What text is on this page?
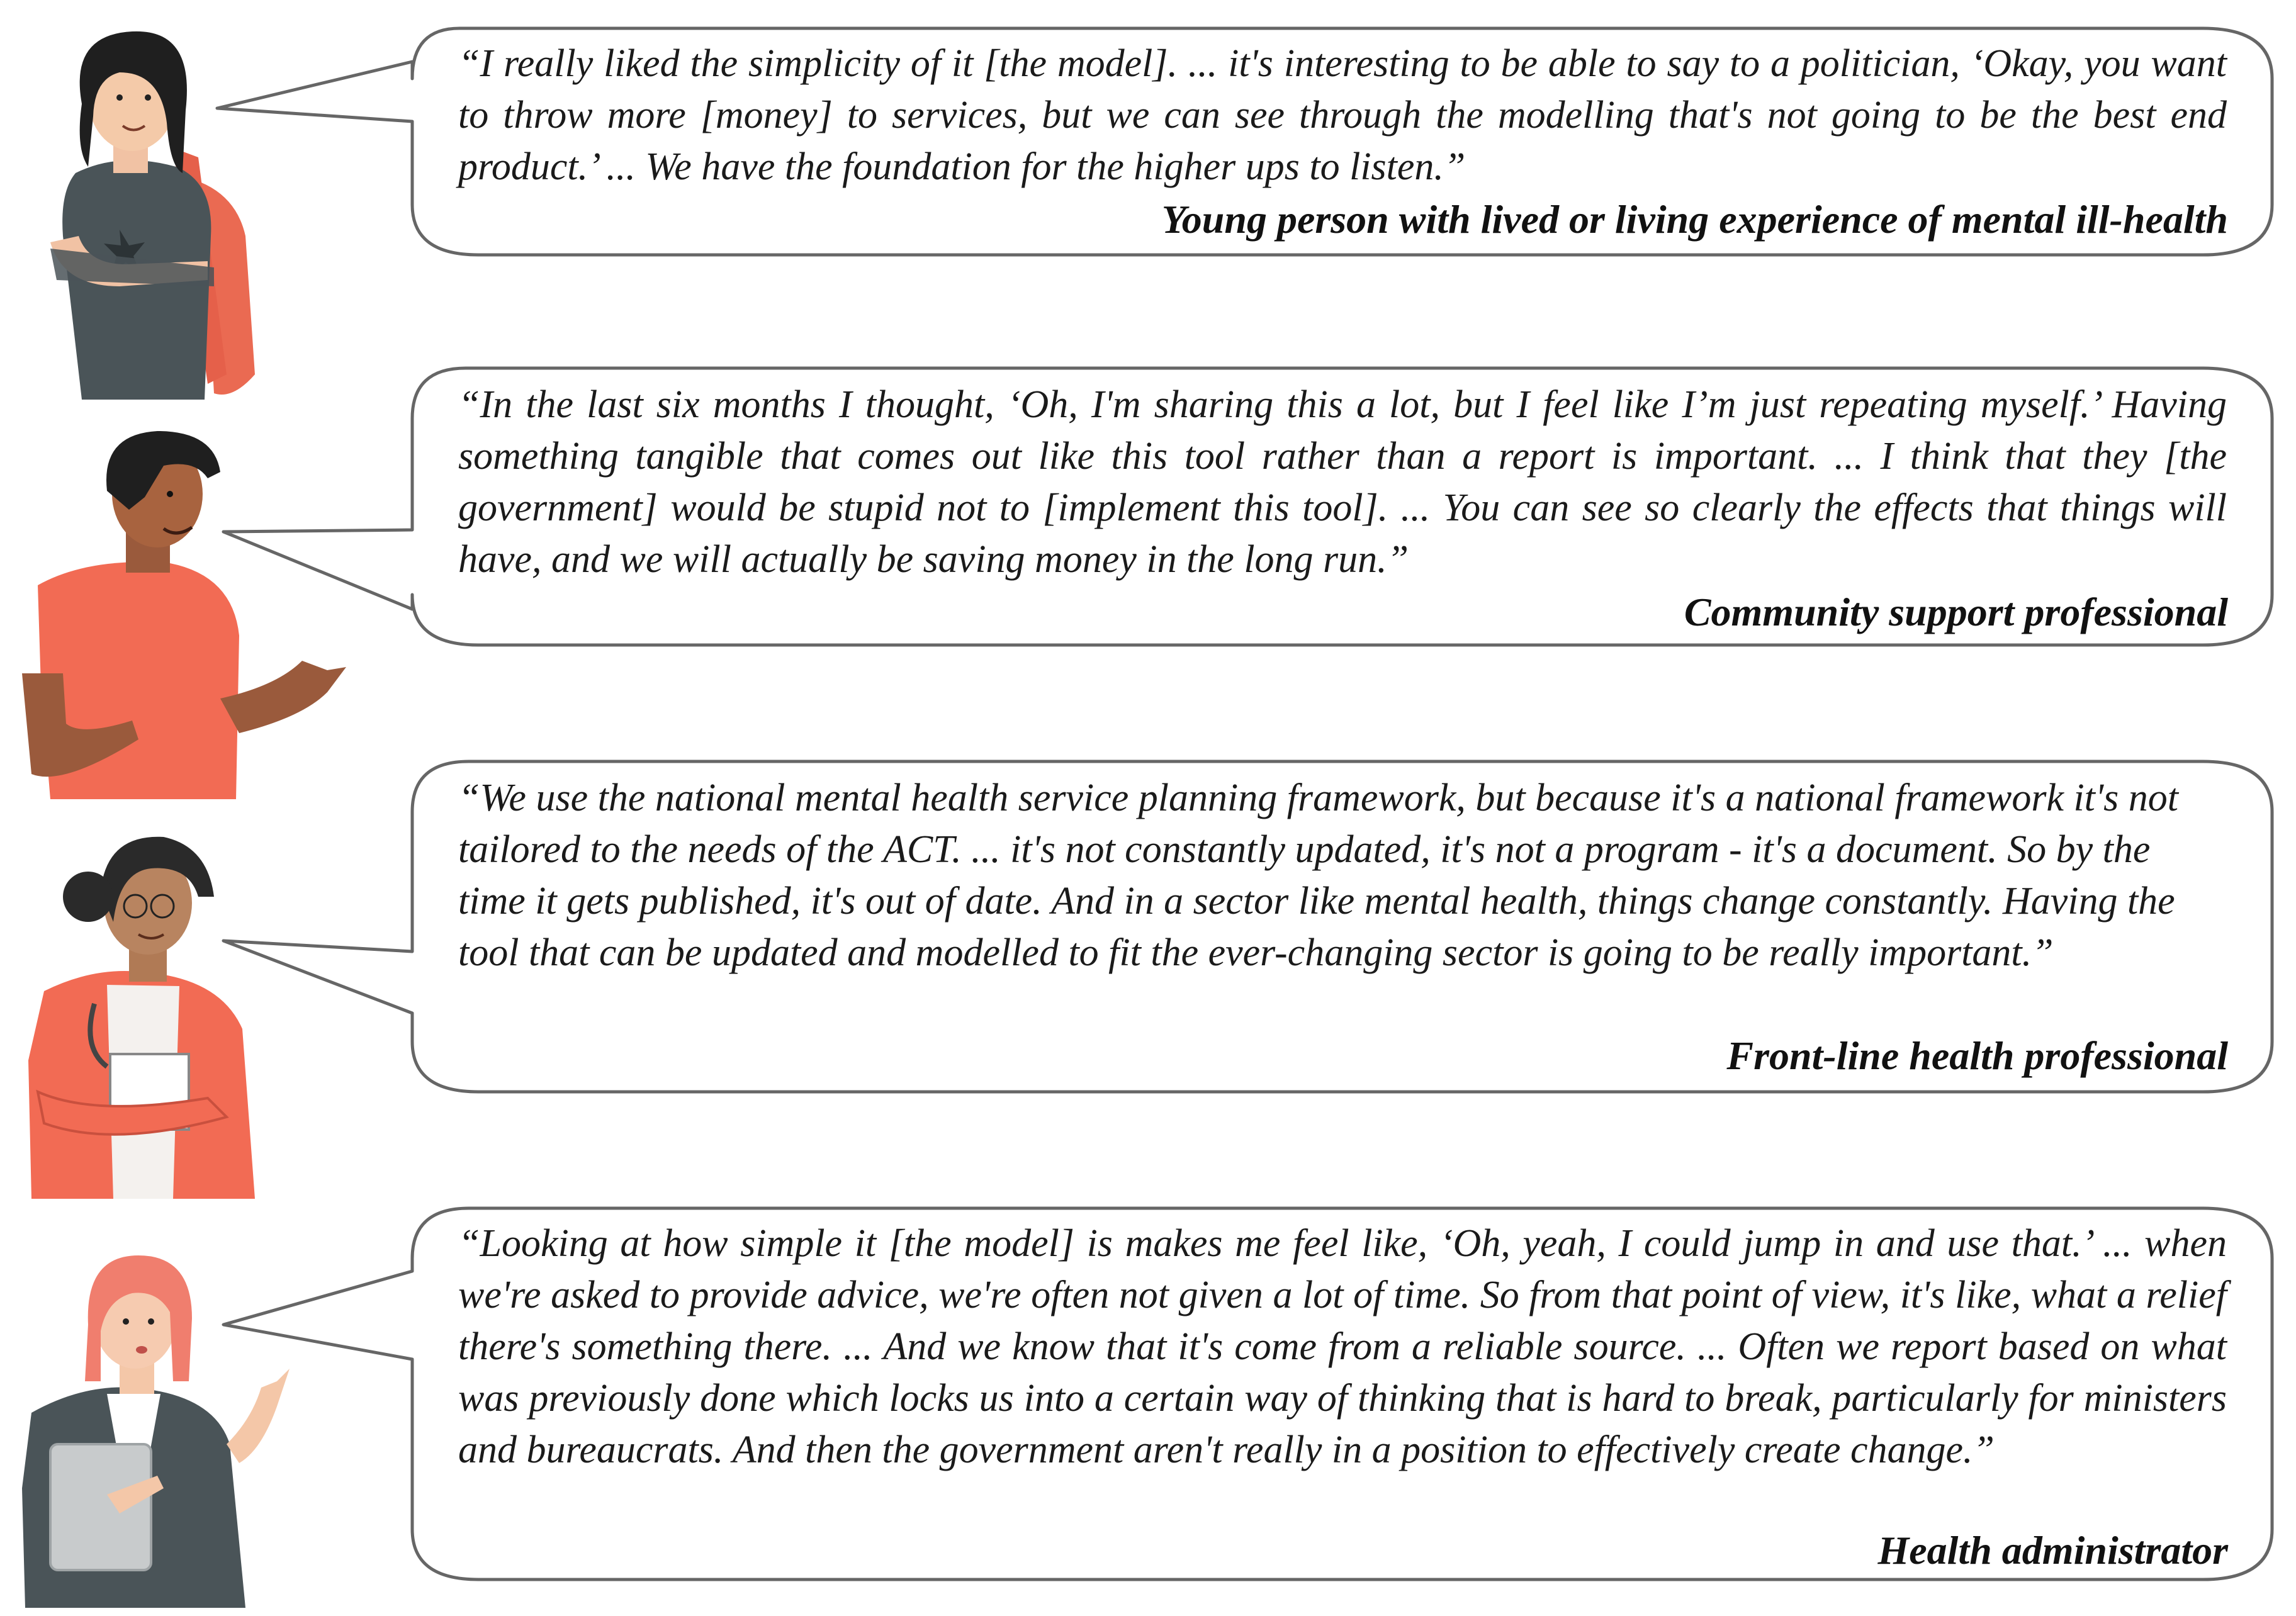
“I really liked the simplicity of it [the model]. ... it's interesting to be able to say to a politician, ‘Okay, you want to throw more [money] to services, but we can see through the modelling that's not going to be the best end product.’ ... We have the foundation for the higher ups to listen.”

Young person with lived or living experience of mental ill-health

“In the last six months I thought, ‘Oh, I'm sharing this a lot, but I feel like I’m just repeating myself.’ Having something tangible that comes out like this tool rather than a report is important. ... I think that they [the government] would be stupid not to [implement this tool]. ... You can see so clearly the effects that things will have, and we will actually be saving money in the long run.”

Community support professional

“We use the national mental health service planning framework, but because it's a national framework it's not tailored to the needs of the ACT. ... it's not constantly updated, it's not a program - it's a document. So by the time it gets published, it's out of date. And in a sector like mental health, things change constantly. Having the tool that can be updated and modelled to fit the ever-changing sector is going to be really important.”

Front-line health professional

“Looking at how simple it [the model] is makes me feel like, ‘Oh, yeah, I could jump in and use that.’ ... when we're asked to provide advice, we're often not given a lot of time. So from that point of view, it's like, what a relief there's something there. ... And we know that it's come from a reliable source. ... Often we report based on what was previously done which locks us into a certain way of thinking that is hard to break, particularly for ministers and bureaucrats. And then the government aren't really in a position to effectively create change.”

Health administrator
